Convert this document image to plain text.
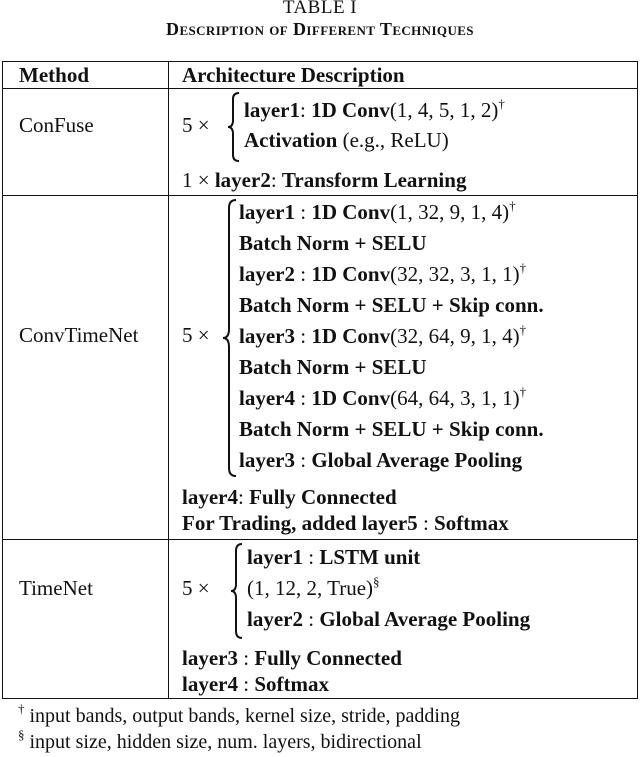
TABLE I
Description of Different Techniques
Method	Architecture Description
ConFuse	5 ×
layer1: 1D Conv(1, 4, 5, 1, 2)†
Activation (e.g., ReLU)
1 × layer2: Transform Learning
ConvTimeNet 5 ×
layer1 : 1D Conv(1, 32, 9, 1, 4)†
Batch Norm + SELU
layer2 : 1D Conv(32, 32, 3, 1, 1)†
Batch Norm + SELU + Skip conn.
layer3 : 1D Conv(32, 64, 9, 1, 4)†
Batch Norm + SELU
layer4 : 1D Conv(64, 64, 3, 1, 1)†
Batch Norm + SELU + Skip conn.
layer3 : Global Average Pooling
layer4: Fully Connected
For Trading, added layer5 : Softmax
TimeNet	5 ×
layer1 : LSTM unit
(1, 12, 2, True)§
layer2 : Global Average Pooling
layer3 : Fully Connected
layer4 : Softmax
† input bands, output bands, kernel size, stride, padding
§ input size, hidden size, num. layers, bidirectional
